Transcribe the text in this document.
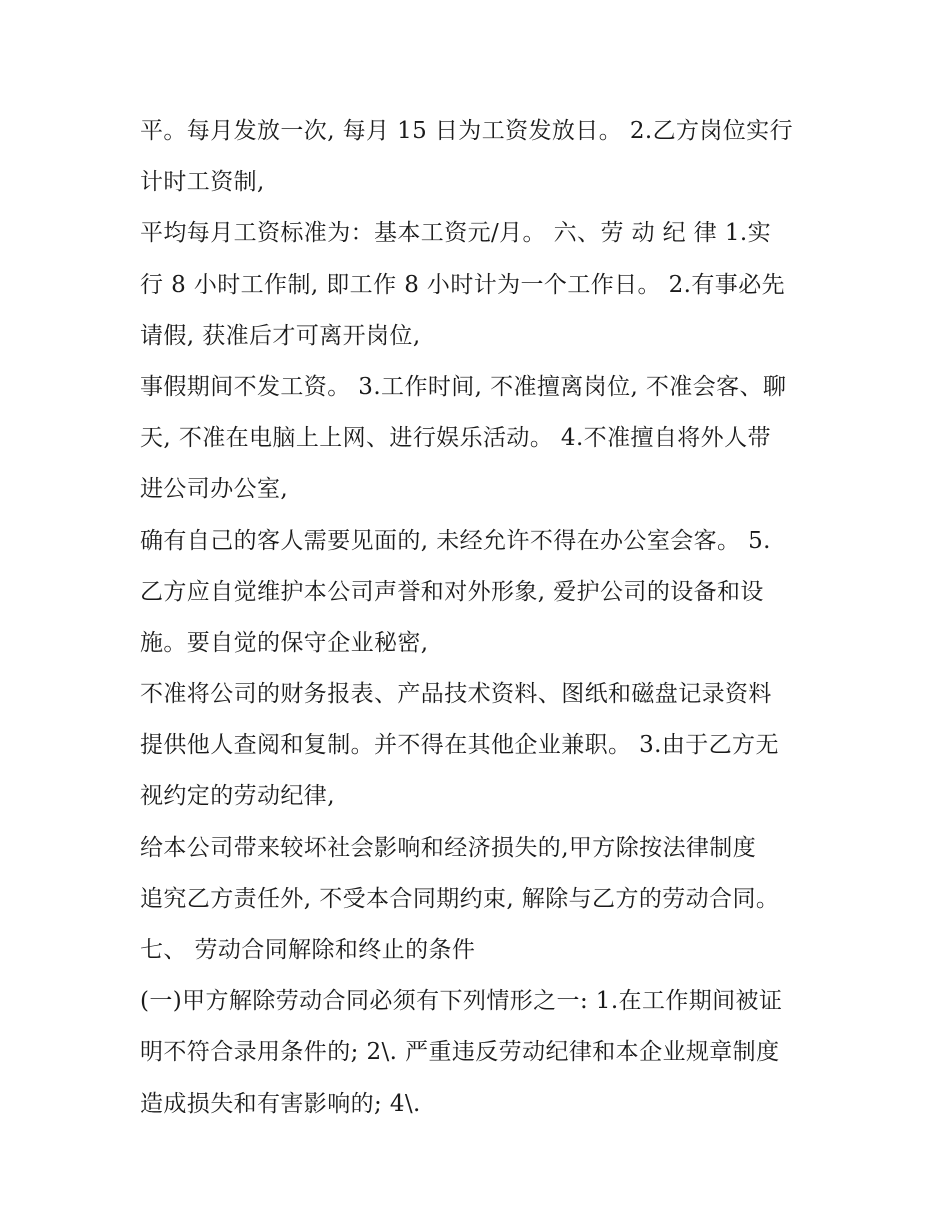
平。每月发放一次, 每月 15 日为工资发放日。 2.乙方岗位实行
计时工资制,
平均每月工资标准为：基本工资元/月。 六、劳 动 纪 律 1.实
行 8 小时工作制, 即工作 8 小时计为一个工作日。 2.有事必先
请假, 获准后才可离开岗位,
事假期间不发工资。 3.工作时间, 不准擅离岗位, 不准会客、聊
天, 不准在电脑上上网、进行娱乐活动。 4.不准擅自将外人带
进公司办公室,
确有自己的客人需要见面的, 未经允许不得在办公室会客。 5.
乙方应自觉维护本公司声誉和对外形象, 爱护公司的设备和设
施。要自觉的保守企业秘密,
不准将公司的财务报表、产品技术资料、图纸和磁盘记录资料
提供他人查阅和复制。并不得在其他企业兼职。 3.由于乙方无
视约定的劳动纪律,
给本公司带来较坏社会影响和经济损失的,甲方除按法律制度
追究乙方责任外, 不受本合同期约束, 解除与乙方的劳动合同。
七、 劳动合同解除和终止的条件
(一)甲方解除劳动合同必须有下列情形之一: 1.在工作期间被证
明不符合录用条件的; 2\. 严重违反劳动纪律和本企业规章制度
造成损失和有害影响的; 4\.
